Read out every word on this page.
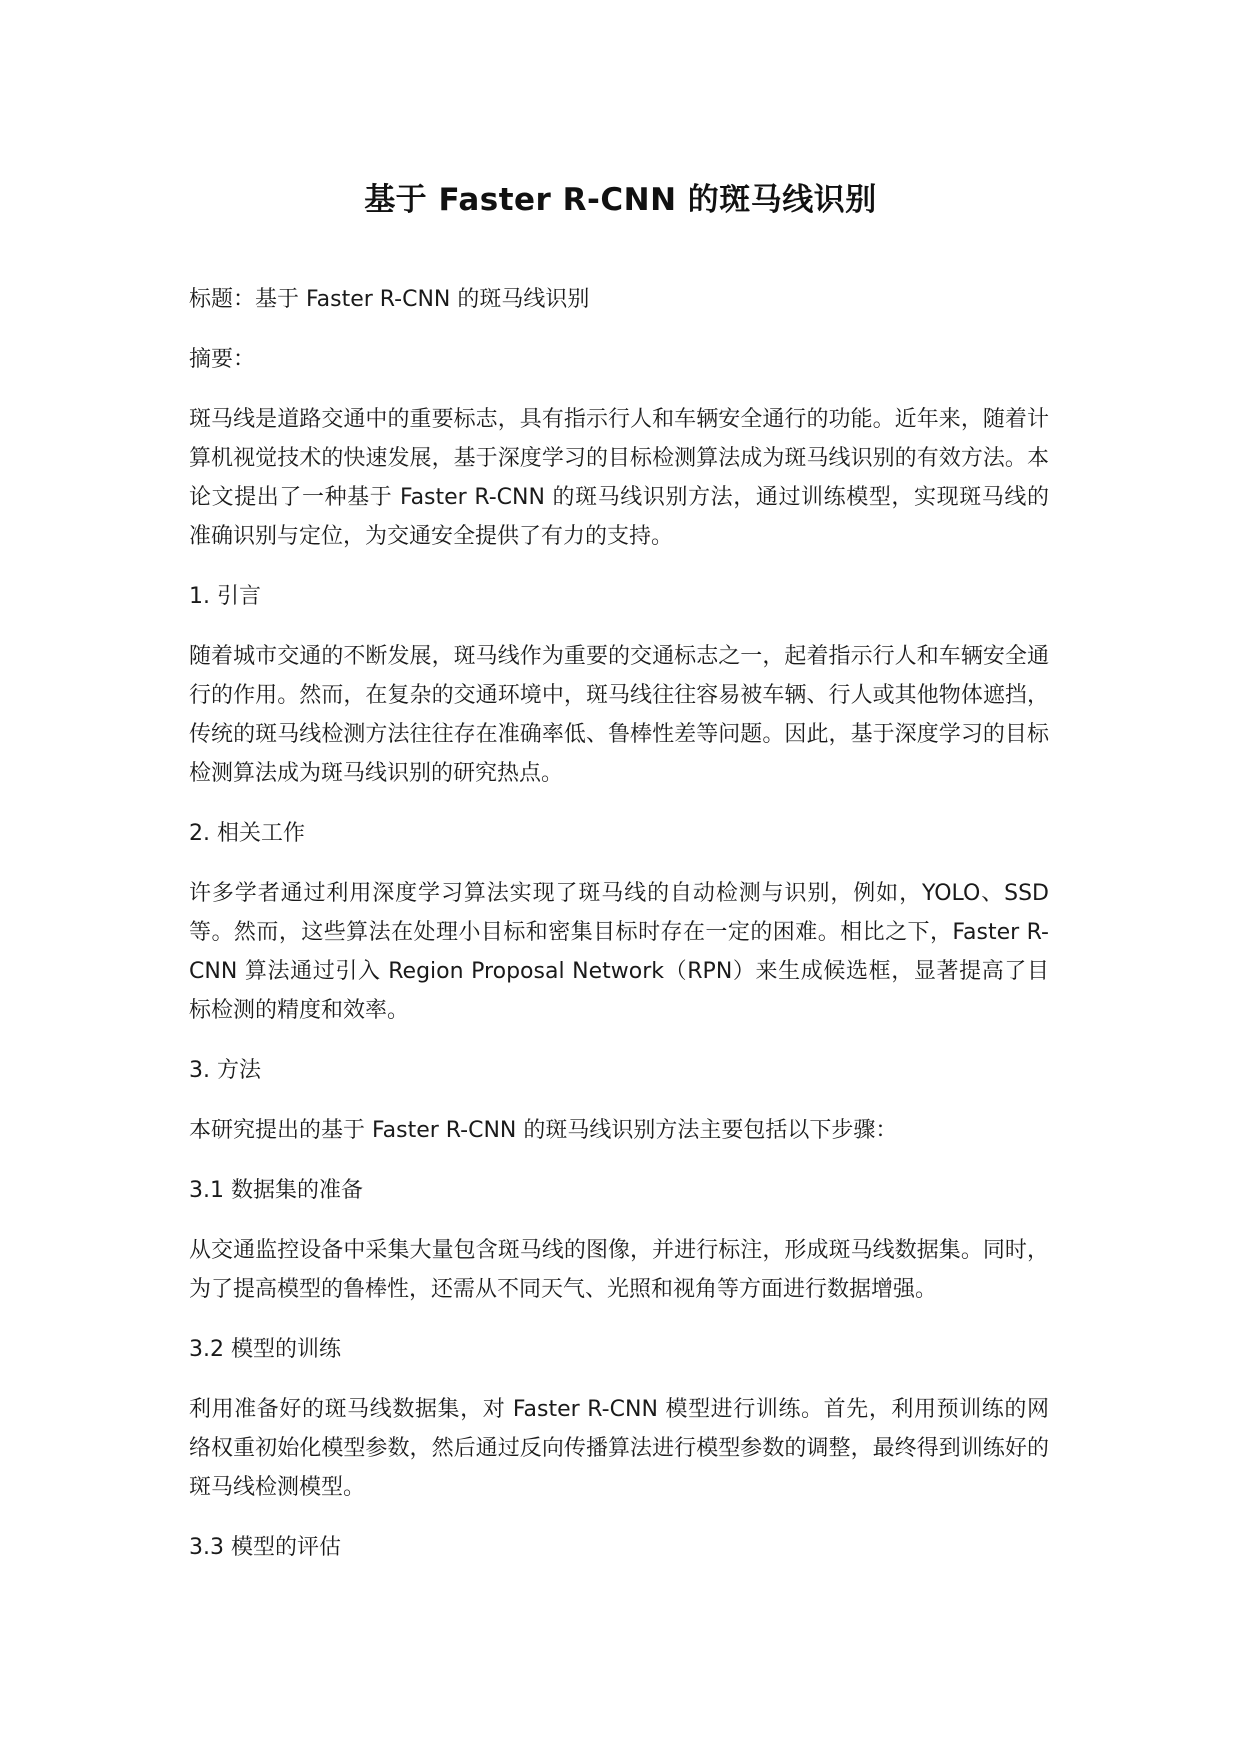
基于 Faster R-CNN 的斑马线识别

标题：基于 Faster R-CNN 的斑马线识别

摘要：

斑马线是道路交通中的重要标志，具有指示行人和车辆安全通行的功能。近年来，随着计算机视觉技术的快速发展，基于深度学习的目标检测算法成为斑马线识别的有效方法。本论文提出了一种基于 Faster R-CNN 的斑马线识别方法，通过训练模型，实现斑马线的准确识别与定位，为交通安全提供了有力的支持。

1. 引言

随着城市交通的不断发展，斑马线作为重要的交通标志之一，起着指示行人和车辆安全通行的作用。然而，在复杂的交通环境中，斑马线往往容易被车辆、行人或其他物体遮挡，传统的斑马线检测方法往往存在准确率低、鲁棒性差等问题。因此，基于深度学习的目标检测算法成为斑马线识别的研究热点。

2. 相关工作

许多学者通过利用深度学习算法实现了斑马线的自动检测与识别，例如，YOLO、SSD 等。然而，这些算法在处理小目标和密集目标时存在一定的困难。相比之下，Faster R-CNN 算法通过引入 Region Proposal Network（RPN）来生成候选框，显著提高了目标检测的精度和效率。

3. 方法

本研究提出的基于 Faster R-CNN 的斑马线识别方法主要包括以下步骤：

3.1 数据集的准备

从交通监控设备中采集大量包含斑马线的图像，并进行标注，形成斑马线数据集。同时，为了提高模型的鲁棒性，还需从不同天气、光照和视角等方面进行数据增强。

3.2 模型的训练

利用准备好的斑马线数据集，对 Faster R-CNN 模型进行训练。首先，利用预训练的网络权重初始化模型参数，然后通过反向传播算法进行模型参数的调整，最终得到训练好的斑马线检测模型。

3.3 模型的评估
